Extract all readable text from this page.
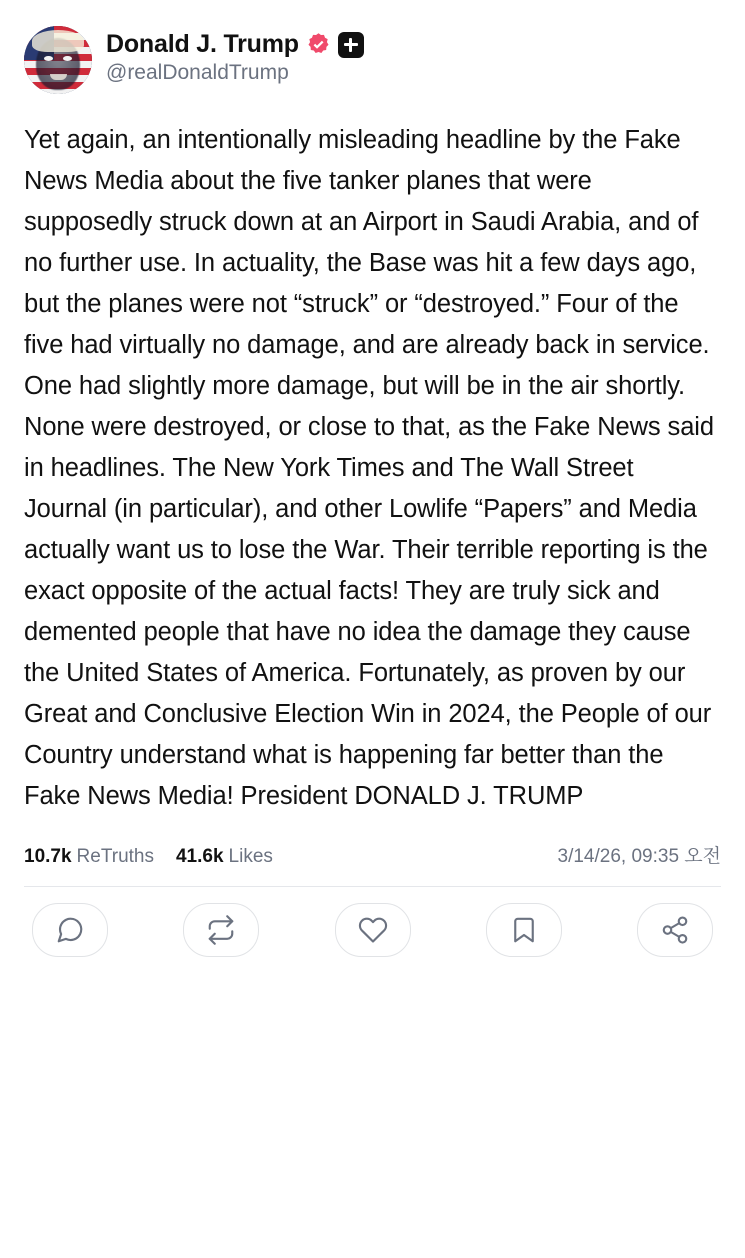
Donald J. Trump
@realDonaldTrump
Yet again, an intentionally misleading headline by the Fake News Media about the five tanker planes that were supposedly struck down at an Airport in Saudi Arabia, and of no further use. In actuality, the Base was hit a few days ago, but the planes were not “struck” or “destroyed.” Four of the five had virtually no damage, and are already back in service. One had slightly more damage, but will be in the air shortly. None were destroyed, or close to that, as the Fake News said in headlines. The New York Times and The Wall Street Journal (in particular), and other Lowlife “Papers” and Media actually want us to lose the War. Their terrible reporting is the exact opposite of the actual facts! They are truly sick and demented people that have no idea the damage they cause the United States of America. Fortunately, as proven by our Great and Conclusive Election Win in 2024, the People of our Country understand what is happening far better than the Fake News Media! President DONALD J. TRUMP
10.7k ReTruths 41.6k Likes	3/14/26, 09:35 오전
